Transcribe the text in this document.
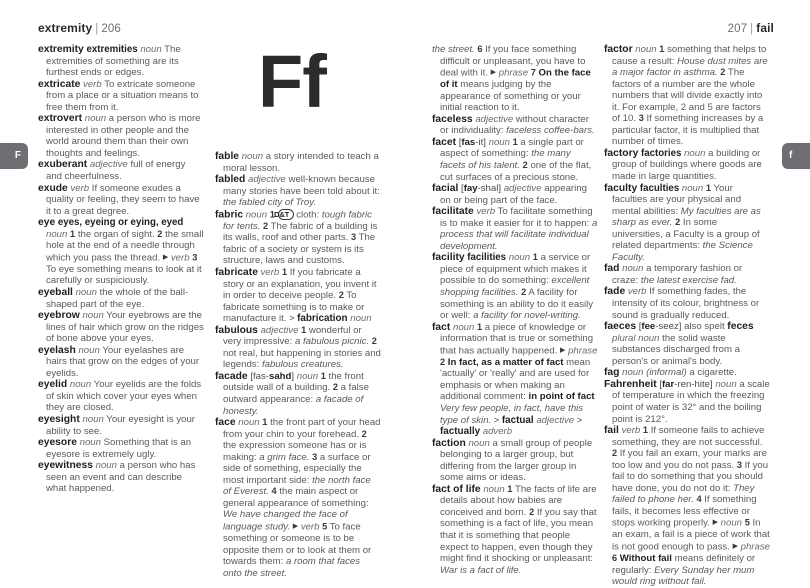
extremity | 206	207 | fail
F	f
Ff
extremity extremities noun The extremities of something are its furthest ends or edges.
extricate verb To extricate someone from a place or a situation means to free them from it.
extrovert noun a person who is more interested in other people and the world around them than their own thoughts and feelings.
exuberant adjective full of energy and cheerfulness.
exude verb If someone exudes a quality or feeling, they seem to have it to a great degree.
eye eyes, eyeing or eying, eyed noun 1 the organ of sight. 2 the small hole at the end of a needle through which you pass the thread. ▶ verb 3 To eye something means to look at it carefully or suspiciously.
eyeball noun the whole of the ball-shaped part of the eye.
eyebrow noun Your eyebrows are the lines of hair which grow on the ridges of bone above your eyes.
eyelash noun Your eyelashes are hairs that grow on the edges of your eyelids.
eyelid noun Your eyelids are the folds of skin which cover your eyes when they are closed.
eyesight noun Your eyesight is your ability to see.
eyesore noun Something that is an eyesore is extremely ugly.
eyewitness noun a person who has seen an event and can describe what happened.
fable noun a story intended to teach a moral lesson.
fabled adjective well-known because many stories have been told about it: the fabled city of Troy.
fabric noun 1 D&T cloth: tough fabric for tents. 2 The fabric of a building is its walls, roof and other parts. 3 The fabric of a society or system is its structure, laws and customs.
fabricate verb 1 If you fabricate a story or an explanation, you invent it in order to deceive people. 2 To fabricate something is to make or manufacture it. > fabrication noun
fabulous adjective 1 wonderful or very impressive: a fabulous picnic. 2 not real, but happening in stories and legends: fabulous creatures.
facade [fas-sahd] noun 1 the front outside wall of a building. 2 a false outward appearance: a facade of honesty.
face noun 1 the front part of your head from your chin to your forehead. 2 the expression someone has or is making: a grim face. 3 a surface or side of something, especially the most important side: the north face of Everest. 4 the main aspect or general appearance of something: We have changed the face of language study. ▶ verb 5 To face something or someone is to be opposite them or to look at them or towards them: a room that faces onto the street.
the street. 6 If you face something difficult or unpleasant, you have to deal with it. ▶ phrase 7 On the face of it means judging by the appearance of something or your initial reaction to it.
faceless adjective without character or individuality: faceless coffee-bars.
facet [fas-it] noun 1 a single part or aspect of something: the many facets of his talent. 2 one of the flat, cut surfaces of a precious stone.
facial [fay-shal] adjective appearing on or being part of the face.
facilitate verb To facilitate something is to make it easier for it to happen: a process that will facilitate individual development.
facility facilities noun 1 a service or piece of equipment which makes it possible to do something: excellent shopping facilities. 2 A facility for something is an ability to do it easily or well: a facility for novel-writing.
fact noun 1 a piece of knowledge or information that is true or something that has actually happened. ▶ phrase 2 In fact, as a matter of fact mean 'actually' or 'really' and are used for emphasis or when making an additional comment: in point of fact Very few people, in fact, have this type of skin. > factual adjective > factually adverb
faction noun a small group of people belonging to a larger group, but differing from the larger group in some aims or ideas.
fact of life noun 1 The facts of life are details about how babies are conceived and born. 2 If you say that something is a fact of life, you mean that it is something that people expect to happen, even though they might find it shocking or unpleasant: War is a fact of life.
factor noun 1 something that helps to cause a result: House dust mites are a major factor in asthma. 2 The factors of a number are the whole numbers that will divide exactly into it. For example, 2 and 5 are factors of 10. 3 If something increases by a particular factor, it is multiplied that number of times.
factory factories noun a building or group of buildings where goods are made in large quantities.
faculty faculties noun 1 Your faculties are your physical and mental abilities: My faculties are as sharp as ever. 2 In some universities, a Faculty is a group of related departments: the Science Faculty.
fad noun a temporary fashion or craze: the latest exercise fad.
fade verb If something fades, the intensity of its colour, brightness or sound is gradually reduced.
faeces [fee-seez] also spelt feces plural noun the solid waste substances discharged from a person's or animal's body.
fag noun (informal) a cigarette.
Fahrenheit [far-ren-hite] noun a scale of temperature in which the freezing point of water is 32° and the boiling point is 212°.
fail verb 1 If someone fails to achieve something, they are not successful. 2 If you fail an exam, your marks are too low and you do not pass. 3 If you fail to do something that you should have done, you do not do it: They failed to phone her. 4 If something fails, it becomes less effective or stops working properly. ▶ noun 5 In an exam, a fail is a piece of work that is not good enough to pass. ▶ phrase 6 Without fail means definitely or regularly: Every Sunday her mum would ring without fail.
